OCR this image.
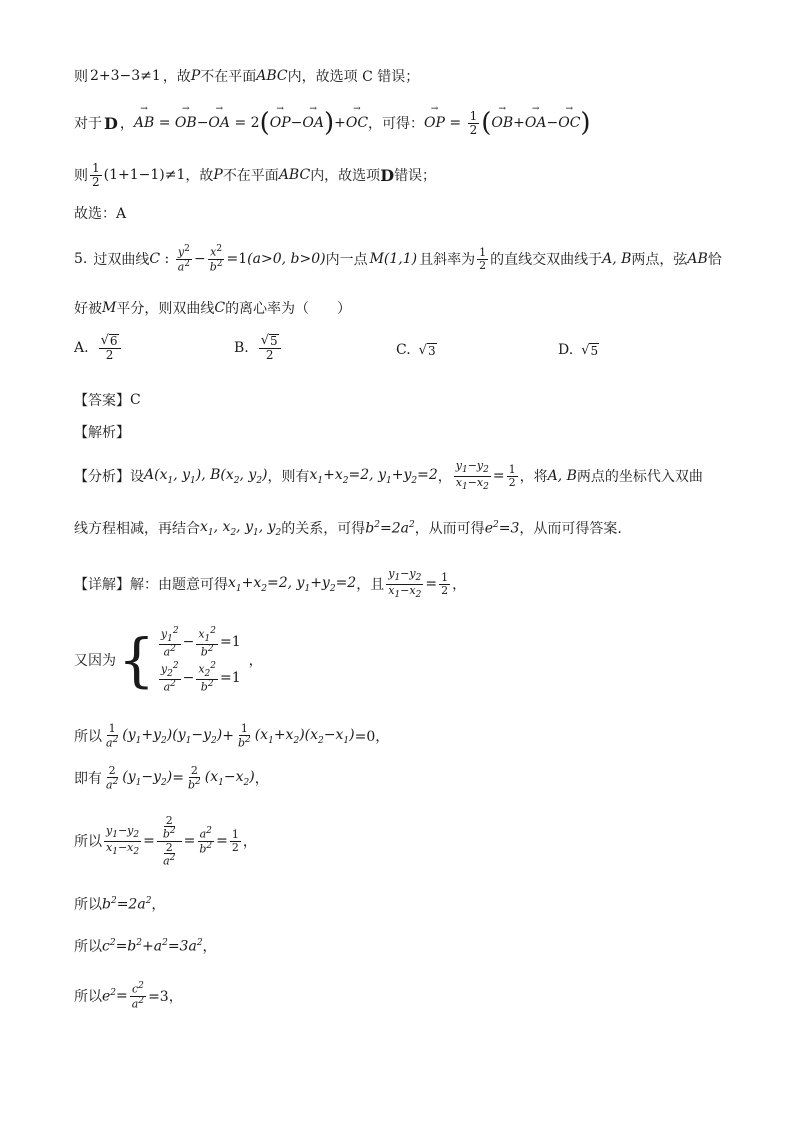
则 2+3−3≠1 ，故 P 不在平面 ABC 内，故选项 C 错误；
对于 D ， → AB = → OB − → OA = 2 ( → OP − → OA ) + → OC ，可得： → OP = $\frac{1}{2}$ ( → OB + → OA − → OC )
则 $\frac{1}{2} (1+1-1)\ne 1$ ，故 P 不在平面 ABC 内，故选项 D 错误；
故选：A
5. 过双曲线 C : $\frac{y^2}{a^2} - \frac{x^2}{b^2} =1$ (a>0, b>0) 内一点 M(1,1) 且斜率为 $\frac{1}{2}$ 的直线交双曲线于 A, B 两点，弦 AB 恰
好被 M 平分，则双曲线 C 的离心率为（　　）
A. $\frac{√ 6}{2}$	B. $\frac{√ 5}{2}$	C. √ 3	D. √ 5
【答案】 C
【解析】
【分析】 设 $A(x_1$, $y_1$), $B(x_2$, $y_2$) ，则有 $x_1+x_2=2$, $y_1+y_2=2$ ， $\frac{y_1-y_2}{x_1-x_2} = \frac{1}{2}$ ，将 A, B 两点的坐标代入双曲
线方程相减，再结合 $x_1$, $x_2$, $y_1$, $y_2$ 的关系，可得 $b^2=2a^2$ ，从而可得 $e^2=3$ ，从而可得答案.
【详解】 解：由题意可得 $x_1+x_2=2$, $y_1+y_2=2$ ，且 $\frac{y_1-y_2}{x_1-x_2} = \frac{1}{2}$ ，
又因为 { $\frac{y_1^2}{a^2} - \frac{x_1^2}{b^2} =1$
$\frac{y_2^2}{a^2} - \frac{x_2^2}{b^2} =1$
，
所以 $\frac{1}{a^2} (y_1+y_2)(y_1-y_2) + \frac{1}{b^2} (x_1+x_2)(x_2-x_1) =0$，
即有 $\frac{2}{a^2} (y_1-y_2) = \frac{2}{b^2} (x_1-x_2)$ ，
所以 $\frac{y_1-y_2}{x_1-x_2} = \frac{\frac{2}{b^2}}{\frac{2}{a^2}} = \frac{a^2}{b^2} = \frac{1}{2}$ ，
所以 $b^2=2a^2$ ，
所以 $c^2=b^2+a^2=3a^2$ ，
所以 $e^2 = \frac{c^2}{a^2} =3$，
